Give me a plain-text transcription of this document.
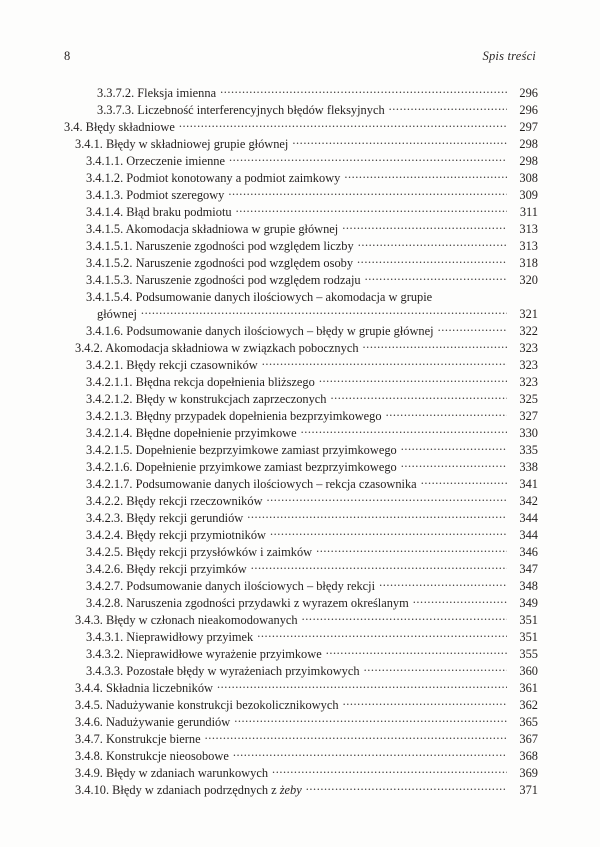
8	Spis treści
3.3.7.2. Fleksja imienna .....	296
3.3.7.3. Liczebność interferencyjnych błędów fleksyjnych .....	296
3.4. Błędy składniowe .....	297
3.4.1. Błędy w składniowej grupie głównej .....	298
3.4.1.1. Orzeczenie imienne .....	298
3.4.1.2. Podmiot konotowany a podmiot zaimkowy .....	308
3.4.1.3. Podmiot szeregowy .....	309
3.4.1.4. Błąd braku podmiotu .....	311
3.4.1.5. Akomodacja składniowa w grupie głównej .....	313
3.4.1.5.1. Naruszenie zgodności pod względem liczby .....	313
3.4.1.5.2. Naruszenie zgodności pod względem osoby .....	318
3.4.1.5.3. Naruszenie zgodności pod względem rodzaju .....	320
3.4.1.5.4. Podsumowanie danych ilościowych – akomodacja w grupie
głównej .....	321
3.4.1.6. Podsumowanie danych ilościowych – błędy w grupie głównej .....	322
3.4.2. Akomodacja składniowa w związkach pobocznych .....	323
3.4.2.1. Błędy rekcji czasowników .....	323
3.4.2.1.1. Błędna rekcja dopełnienia bliższego .....	323
3.4.2.1.2. Błędy w konstrukcjach zaprzeczonych .....	325
3.4.2.1.3. Błędny przypadek dopełnienia bezprzyimkowego .....	327
3.4.2.1.4. Błędne dopełnienie przyimkowe .....	330
3.4.2.1.5. Dopełnienie bezprzyimkowe zamiast przyimkowego .....	335
3.4.2.1.6. Dopełnienie przyimkowe zamiast bezprzyimkowego .....	338
3.4.2.1.7. Podsumowanie danych ilościowych – rekcja czasownika .....	341
3.4.2.2. Błędy rekcji rzeczowników .....	342
3.4.2.3. Błędy rekcji gerundiów .....	344
3.4.2.4. Błędy rekcji przymiotników .....	344
3.4.2.5. Błędy rekcji przysłówków i zaimków .....	346
3.4.2.6. Błędy rekcji przyimków .....	347
3.4.2.7. Podsumowanie danych ilościowych – błędy rekcji .....	348
3.4.2.8. Naruszenia zgodności przydawki z wyrazem określanym .....	349
3.4.3. Błędy w członach nieakomodowanych .....	351
3.4.3.1. Nieprawidłowy przyimek .....	351
3.4.3.2. Nieprawidłowe wyrażenie przyimkowe .....	355
3.4.3.3. Pozostałe błędy w wyrażeniach przyimkowych .....	360
3.4.4. Składnia liczebników .....	361
3.4.5. Nadużywanie konstrukcji bezokolicznikowych .....	362
3.4.6. Nadużywanie gerundiów .....	365
3.4.7. Konstrukcje bierne .....	367
3.4.8. Konstrukcje nieosobowe .....	368
3.4.9. Błędy w zdaniach warunkowych .....	369
3.4.10. Błędy w zdaniach podrzędnych z żeby .....	371
